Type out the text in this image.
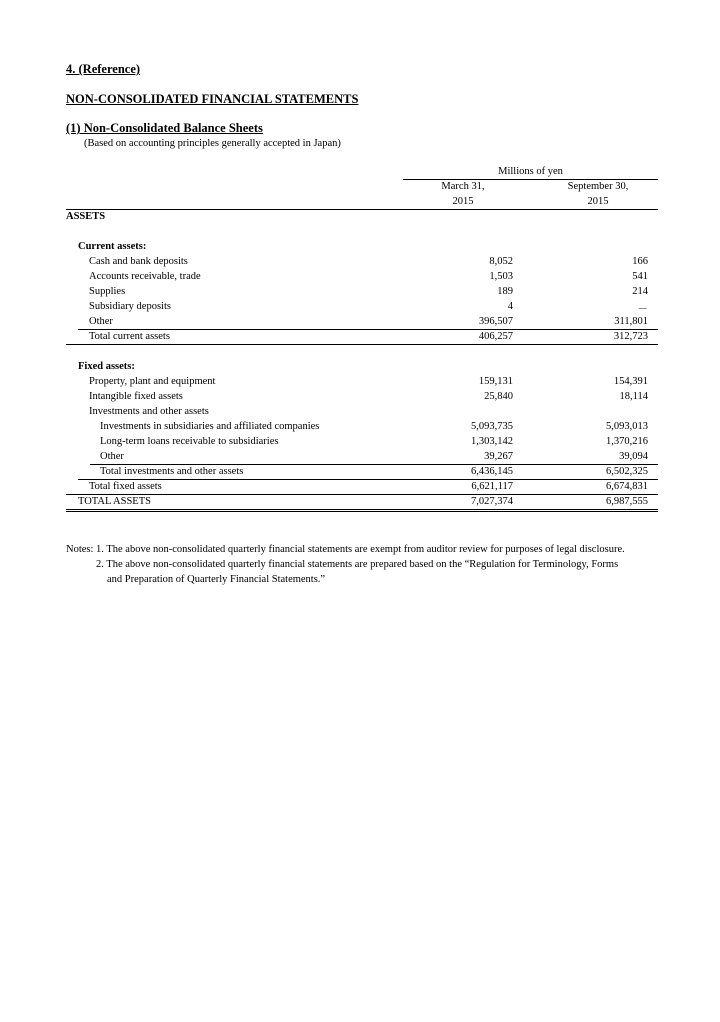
4. (Reference)
NON-CONSOLIDATED FINANCIAL STATEMENTS
(1) Non-Consolidated Balance Sheets
(Based on accounting principles generally accepted in Japan)
Millions of yen
March 31,
2015
September 30,
2015
ASSETS
Current assets:
Cash and bank deposits	8,052	166
Accounts receivable, trade	1,503	541
Supplies	189	214
Subsidiary deposits	4	－
Other	396,507	311,801
Total current assets	406,257	312,723
Fixed assets:
Property, plant and equipment	159,131	154,391
Intangible fixed assets	25,840	18,114
Investments and other assets
Investments in subsidiaries and affiliated companies	5,093,735	5,093,013
Long-term loans receivable to subsidiaries	1,303,142	1,370,216
Other	39,267	39,094
Total investments and other assets	6,436,145	6,502,325
Total fixed assets	6,621,117	6,674,831
TOTAL ASSETS	7,027,374	6,987,555
Notes: 1. The above non-consolidated quarterly financial statements are exempt from auditor review for purposes of legal disclosure.
2. The above non-consolidated quarterly financial statements are prepared based on the “Regulation for Terminology, Forms
and Preparation of Quarterly Financial Statements.”
